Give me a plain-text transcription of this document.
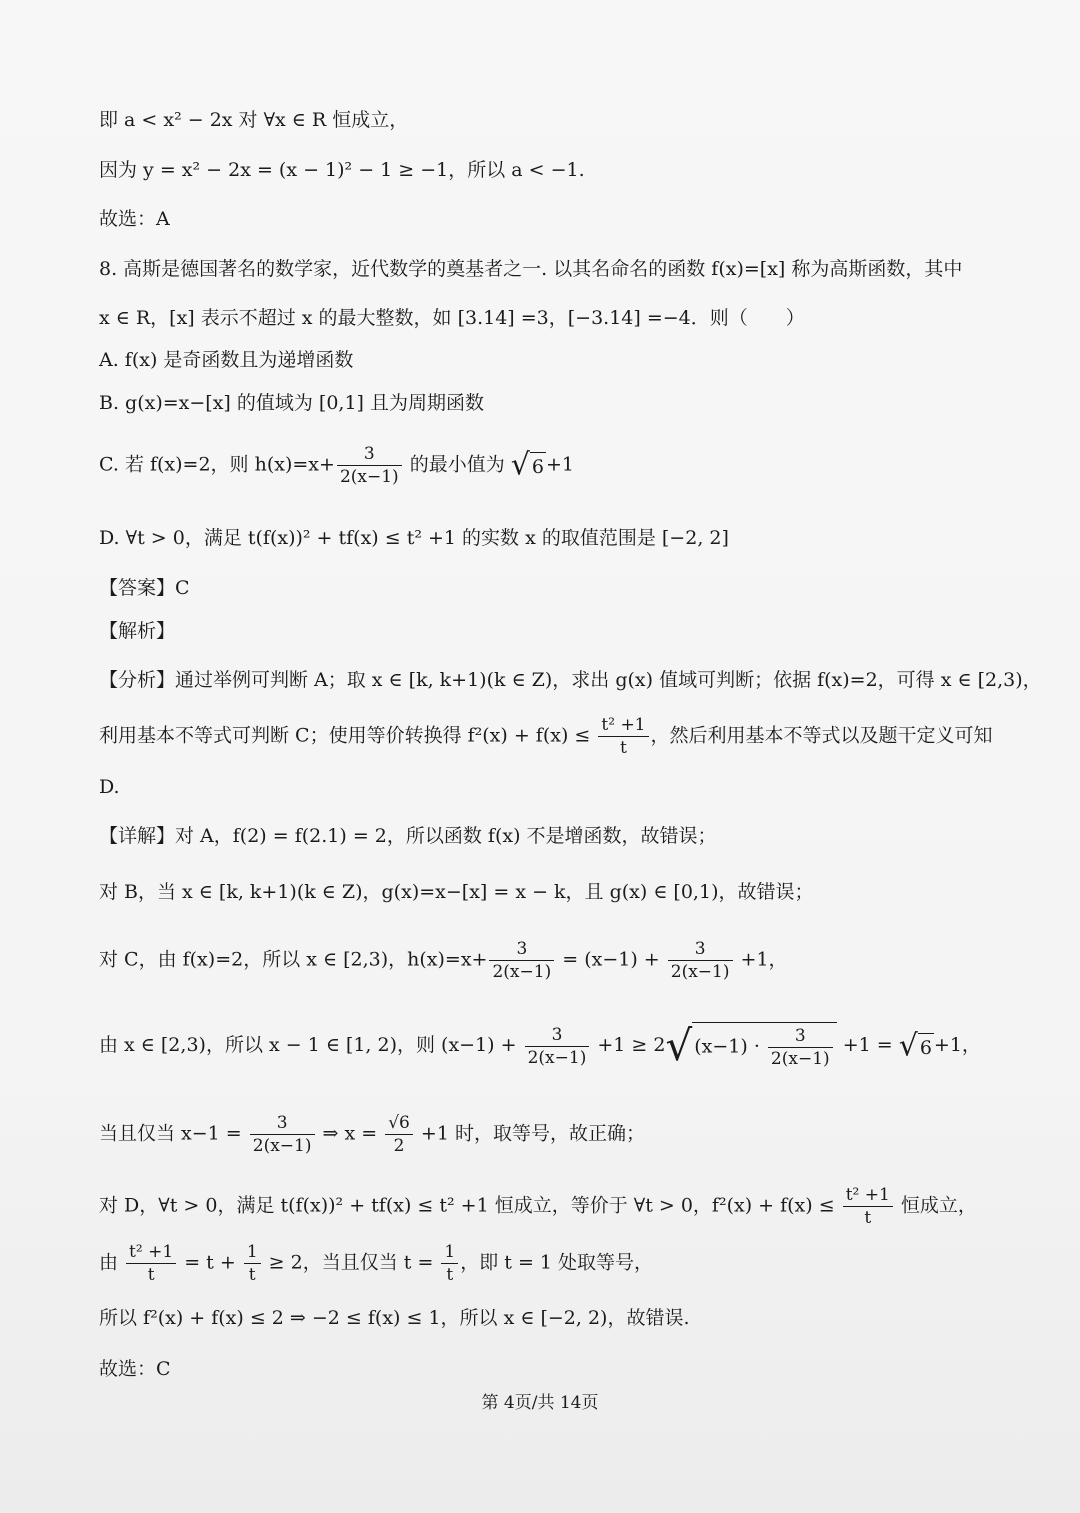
即 a < x² − 2x 对 ∀x ∈ R 恒成立，
因为 y = x² − 2x = (x − 1)² − 1 ≥ −1，所以 a < −1.
故选：A
8. 高斯是德国著名的数学家，近代数学的奠基者之一. 以其名命名的函数 f(x)=[x] 称为高斯函数，其中
x ∈ R，[x] 表示不超过 x 的最大整数，如 [3.14] =3，[−3.14] =−4．则（　　）
A. f(x) 是奇函数且为递增函数
B. g(x)=x−[x] 的值域为 [0,1] 且为周期函数
C. 若 f(x)=2，则 $h(x)=x+ \frac{3}{2(x-1)}$ 的最小值为 √ 6 +1
D. ∀t > 0，满足 t(f(x))² + tf(x) ≤ t² +1 的实数 x 的取值范围是 [−2, 2]
【答案】C
【解析】
【分析】通过举例可判断 A；取 x ∈ [k, k+1)(k ∈ Z)，求出 g(x) 值域可判断；依据 f(x)=2，可得 x ∈ [2,3)，
利用基本不等式可判断 C；使用等价转换得 $f^2(x) + f(x) \le \frac{\text{t² +1}}{t}$ ，然后利用基本不等式以及题干定义可知
D.
【详解】对 A，f(2) = f(2.1) = 2，所以函数 f(x) 不是增函数，故错误；
对 B，当 x ∈ [k, k+1)(k ∈ Z)，g(x)=x−[x] = x − k，且 g(x) ∈ [0,1)，故错误；
对 C，由 f(x)=2，所以 x ∈ [2,3)，$h(x)=x+ \frac{3}{2(x-1)} = (x-1) + \frac{3}{2(x-1)} +1$，
由 x ∈ [2,3)，所以 x − 1 ∈ [1, 2)，则 $(x-1) + \frac{3}{2(x-1)} +1 \ge 2√$ $(x-1) \cdot \frac{3}{2(x-1)} +1$ = √ 6 +1，
当且仅当 $x-1 = \frac{3}{2(x-1)}$ ⇒ $x = \frac{√6}{2} +1$ 时，取等号，故正确；
对 D，∀t > 0，满足 t(f(x))² + tf(x) ≤ t² +1 恒成立，等价于 ∀t > 0，$f^2(x) + f(x) \le \frac{\text{t² +1}}{t}$ 恒成立，
由 $\frac{\text{t² +1}}{t} = t + \frac{1}{t} \ge 2$，当且仅当 $t = \frac{1}{t}$ ，即 t = 1 处取等号，
所以 f²(x) + f(x) ≤ 2 ⇒ −2 ≤ f(x) ≤ 1，所以 x ∈ [−2, 2)，故错误.
故选：C
第 4页/共 14页
